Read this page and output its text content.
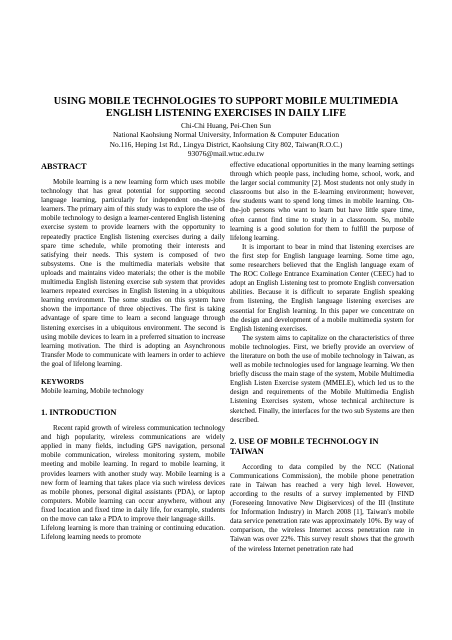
USING MOBILE TECHNOLOGIES TO SUPPORT MOBILE MULTIMEDIA
ENGLISH LISTENING EXERCISES IN DAILY LIFE
Chi-Chi Huang, Pei-Chen Sun
National Kaohsiung Normal University, Information & Computer Education
No.116, Heping 1st Rd., Lingya District, Kaohsiung City 802, Taiwan(R.O.C.)
93076@mail.wtuc.edu.tw
ABSTRACT

Mobile learning is a new learning form which uses mobile technology that has great potential for supporting second language learning, particularly for independent on-the-jobs learners. The primary aim of this study was to explore the use of mobile technology to design a learner-centered English listening exercise system to provide learners with the opportunity to repeatedly practice English listening exercises during a daily spare time schedule, while promoting their interests and satisfying their needs. This system is composed of two subsystems. One is the multimedia materials website that uploads and maintains video materials; the other is the mobile multimedia English listening exercise sub system that provides learners repeated exercises in English listening in a ubiquitous learning environment. The some studies on this system have shown the importance of three objectives. The first is taking advantage of spare time to learn a second language through listening exercises in a ubiquitous environment. The second is using mobile devices to learn in a preferred situation to increase learning motivation. The third is adopting an Asynchronous Transfer Mode to communicate with learners in order to achieve the goal of lifelong learning.

KEYWORDS

Mobile learning, Mobile technology

1. INTRODUCTION

Recent rapid growth of wireless communication technology and high popularity, wireless communications are widely applied in many fields, including GPS navigation, personal mobile communication, wireless monitoring system, mobile meeting and mobile learning. In regard to mobile learning, it provides learners with another study way. Mobile learning is a new form of learning that takes place via such wireless devices as mobile phones, personal digital assistants (PDA), or laptop computers. Mobile learning can occur anywhere, without any fixed location and fixed time in daily life, for example, students on the move can take a PDA to improve their language skills.

Lifelong learning is more than training or continuing education. Lifelong learning needs to promote

effective educational opportunities in the many learning settings through which people pass, including home, school, work, and the larger social community [2]. Most students not only study in classrooms but also in the E-learning environment; however, few students want to spend long times in mobile learning. On-the-job persons who want to learn but have little spare time, often cannot find time to study in a classroom. So, mobile learning is a good solution for them to fulfill the purpose of lifelong learning.

It is important to bear in mind that listening exercises are the first step for English language learning. Some time ago, some researchers believed that the English language exam of The ROC College Entrance Examination Center (CEEC) had to adopt an English Listening test to promote English conversation abilities. Because it is difficult to separate English speaking from listening, the English language listening exercises are essential for English learning. In this paper we concentrate on the design and development of a mobile multimedia system for English listening exercises.

The system aims to capitalize on the characteristics of three mobile technologies. First, we briefly provide an overview of the literature on both the use of mobile technology in Taiwan, as well as mobile technologies used for language learning. We then briefly discuss the main stage of the system, Mobile Multimedia English Listen Exercise system (MMELE), which led us to the design and requirements of the Mobile Multimedia English Listening Exercises system, whose technical architecture is sketched. Finally, the interfaces for the two sub Systems are then described.

2. USE OF MOBILE TECHNOLOGY IN
TAIWAN

According to data compiled by the NCC (National Communications Commission), the mobile phone penetration rate in Taiwan has reached a very high level. However, according to the results of a survey implemented by FIND (Foreseeing Innovative New Digiservices) of the III (Institute for Information Industry) in March 2008 [1], Taiwan's mobile data service penetration rate was approximately 10%. By way of comparison, the wireless Internet access penetration rate in Taiwan was over 22%. This survey result shows that the growth of the wireless Internet penetration rate had
